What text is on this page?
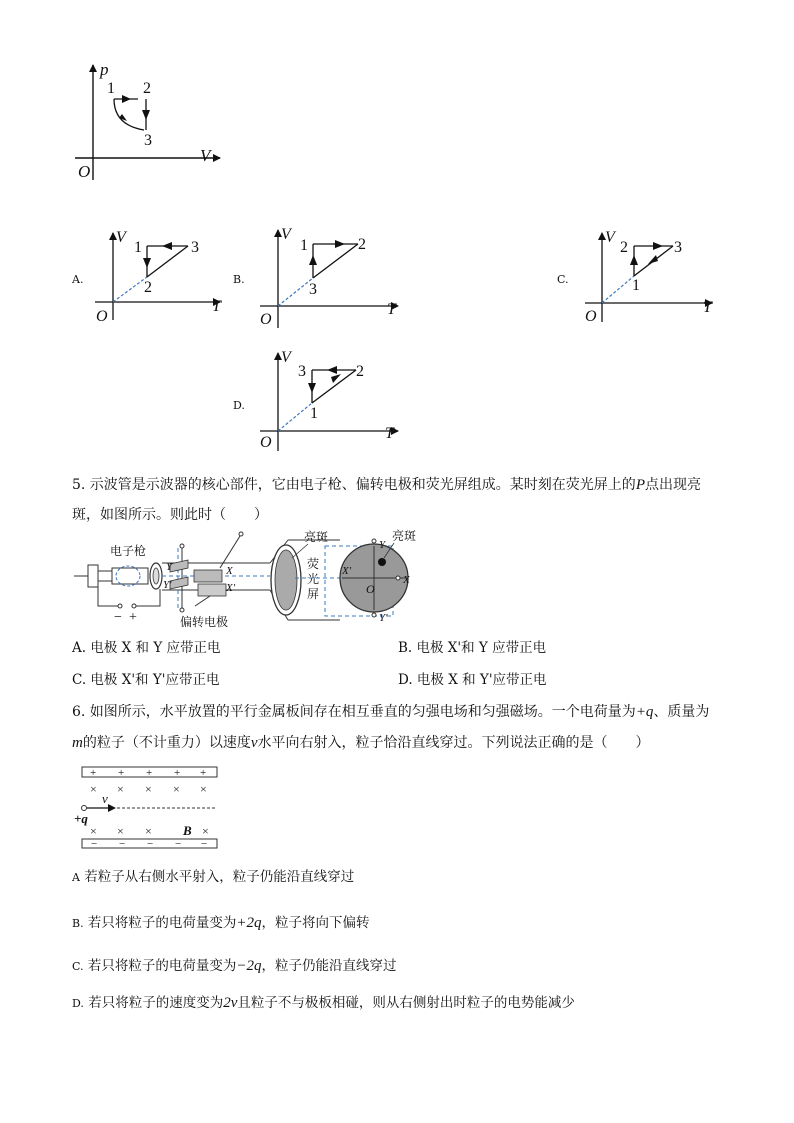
p
V
O
1 2
3
A.
V
T
O
1	3
2	B.
V
T
O
1	2
3
C.
V
T
O
2	3
1
D.
V
T
O
3	2
1
5. 示波管是示波器的核心部件，它由电子枪、偏转电极和荧光屏组成。某时刻在荧光屏上的P点出现亮
斑，如图所示。则此时（　　）
电子枪
− +
Y
Y'
X
X'
偏转电极
亮斑
荧
光
屏
Y
Y'
X
X'
O
亮斑
A. 电极 X 和 Y 应带正电	B. 电极 X'和 Y 应带正电
C. 电极 X'和 Y'应带正电	D. 电极 X 和 Y'应带正电
6. 如图所示，水平放置的平行金属板间存在相互垂直的匀强电场和匀强磁场。一个电荷量为+q、质量为
m的粒子（不计重力）以速度v水平向右射入，粒子恰沿直线穿过。下列说法正确的是（　　）
+ + + + +
− − − − −
× × × × ×
× × ×	×
B
v
+q
A 若粒子从右侧水平射入，粒子仍能沿直线穿过
B. 若只将粒子的电荷量变为+2q，粒子将向下偏转
C. 若只将粒子的电荷量变为−2q，粒子仍能沿直线穿过
D. 若只将粒子的速度变为2v且粒子不与极板相碰，则从右侧射出时粒子的电势能减少
